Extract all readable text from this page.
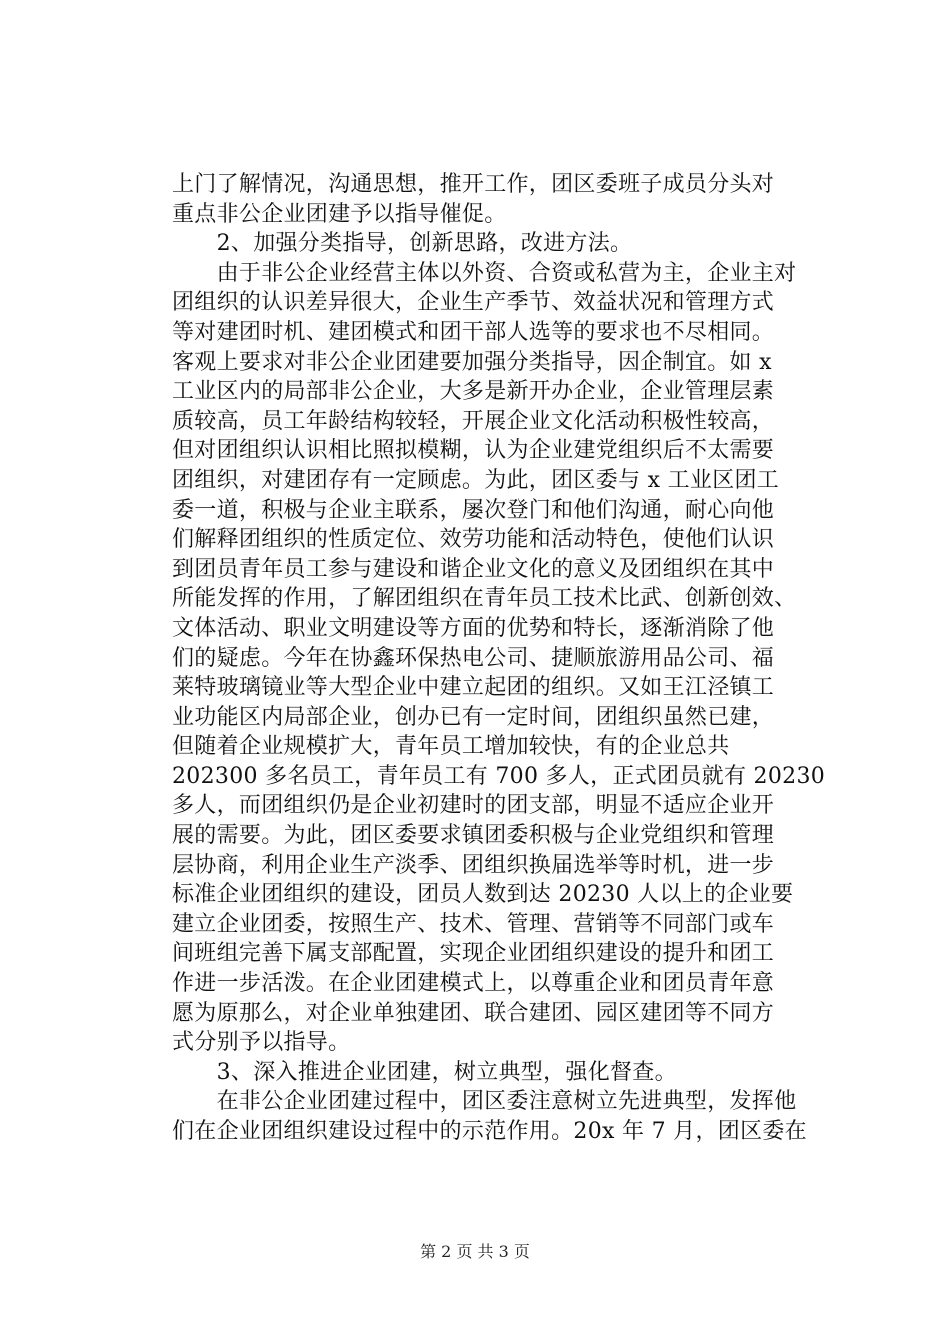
上门了解情况，沟通思想，推开工作，团区委班子成员分头对
重点非公企业团建予以指导催促。
　　2、加强分类指导，创新思路，改进方法。
　　由于非公企业经营主体以外资、合资或私营为主，企业主对
团组织的认识差异很大，企业生产季节、效益状况和管理方式
等对建团时机、建团模式和团干部人选等的要求也不尽相同。
客观上要求对非公企业团建要加强分类指导，因企制宜。如 x
工业区内的局部非公企业，大多是新开办企业，企业管理层素
质较高，员工年龄结构较轻，开展企业文化活动积极性较高，
但对团组织认识相比照拟模糊，认为企业建党组织后不太需要
团组织，对建团存有一定顾虑。为此，团区委与 x 工业区团工
委一道，积极与企业主联系，屡次登门和他们沟通，耐心向他
们解释团组织的性质定位、效劳功能和活动特色，使他们认识
到团员青年员工参与建设和谐企业文化的意义及团组织在其中
所能发挥的作用，了解团组织在青年员工技术比武、创新创效、
文体活动、职业文明建设等方面的优势和特长，逐渐消除了他
们的疑虑。今年在协鑫环保热电公司、捷顺旅游用品公司、福
莱特玻璃镜业等大型企业中建立起团的组织。又如王江泾镇工
业功能区内局部企业，创办已有一定时间，团组织虽然已建，
但随着企业规模扩大，青年员工增加较快，有的企业总共
202300 多名员工，青年员工有 700 多人，正式团员就有 20230
多人，而团组织仍是企业初建时的团支部，明显不适应企业开
展的需要。为此，团区委要求镇团委积极与企业党组织和管理
层协商，利用企业生产淡季、团组织换届选举等时机，进一步
标准企业团组织的建设，团员人数到达 20230 人以上的企业要
建立企业团委，按照生产、技术、管理、营销等不同部门或车
间班组完善下属支部配置，实现企业团组织建设的提升和团工
作进一步活泼。在企业团建模式上，以尊重企业和团员青年意
愿为原那么，对企业单独建团、联合建团、园区建团等不同方
式分别予以指导。
　　3、深入推进企业团建，树立典型，强化督查。
　　在非公企业团建过程中，团区委注意树立先进典型，发挥他
们在企业团组织建设过程中的示范作用。20x 年 7 月，团区委在
第 2 页 共 3 页
